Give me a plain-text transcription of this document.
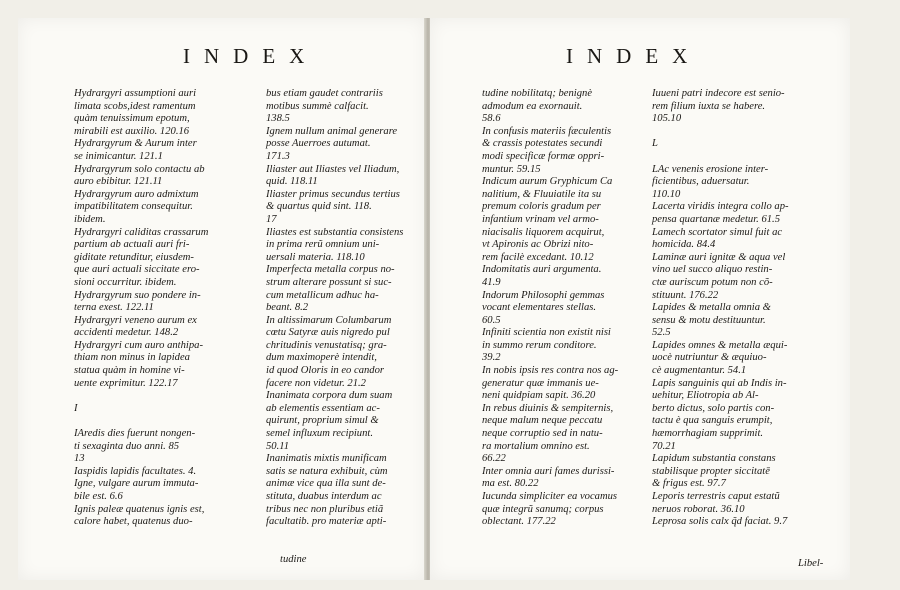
INDEX
Hydrargyri assumptioni auri
limata scobs,idest ramentum
quàm tenuissimum epotum,
mirabili est auxilio. 120.16
Hydrargyrum & Aurum inter
se inimicantur. 121.1
Hydrargyrum solo contactu ab
auro ebibitur. 121.11
Hydrargyrum auro admixtum
impatibilitatem consequitur.
ibidem.
Hydrargyri caliditas crassarum
partium ab actuali auri fri-
giditate retunditur, eiusdem-
que auri actuali siccitate ero-
sioni occurritur. ibidem.
Hydrargyrum suo pondere in-
terna exest. 122.11
Hydrargyri veneno aurum ex
accidenti medetur. 148.2
Hydrargyri cum auro anthipa-
thiam non minus in lapidea
statua quàm in homine vi-
uente exprimitur. 122.17

I

IAredis dies fuerunt nongen-
ti sexaginta duo anni. 85
13
Iaspidis lapidis facultates. 4.
Igne, vulgare aurum immuta-
bile est. 6.6
Ignis paleæ quatenus ignis est,
calore habet, quatenus duo-
bus etiam gaudet contrariis
motibus summè calfacit.
138.5
Ignem nullum animal generare
posse Auerroes autumat.
171.3
Iliaster aut Iliastes vel Iliadum,
quid. 118.11
Iliaster primus secundus tertius
& quartus quid sint. 118.
17
Iliastes est substantia consistens
in prima rerũ omnium uni-
uersali materia. 118.10
Imperfecta metalla corpus no-
strum alterare possunt si suc-
cum metallicum adhuc ha-
beant. 8.2
In altissimarum Columbarum
cœtu Satyræ auis nigredo pul
chritudinis venustatisq; gra-
dum maximoperè intendit,
id quod Oloris in eo candor
facere non videtur. 21.2
Inanimata corpora dum suam
ab elementis essentiam ac-
quirunt, proprium simul &
semel influxum recipiunt.
50.11
Inanimatis mixtis munificam
satis se natura exhibuit, cùm
animæ vice qua illa sunt de-
stituta, duabus interdum ac
tribus nec non pluribus etiã
facultatib. pro materiæ apti-
tudine
INDEX
tudine nobilitatq; benignè
admodum ea exornauit.
58.6
In confusis materiis fæculentis
& crassis potestates secundi
modi specificæ formæ oppri-
muntur. 59.15
Indicum aurum Gryphicum Ca
nalitium, & Fluuiatile ita su
premum coloris gradum per
infantium vrinam vel armo-
niacisalis liquorem acquirut,
vt Apironis ac Obrizi nito-
rem facilè excedant. 10.12
Indomitatis auri argumenta.
41.9
Indorum Philosophi gemmas
vocant elementares stellas.
60.5
Infiniti scientia non existit nisi
in summo rerum conditore.
39.2
In nobis ipsis res contra nos ag-
generatur quæ immanis ue-
neni quidpiam sapit. 36.20
In rebus diuinis & sempiternis,
neque malum neque peccatu
neque corruptio sed in natu-
ra mortalium omnino est.
66.22
Inter omnia auri fames durissi-
ma est. 80.22
Iucunda simpliciter ea vocamus
quæ integrũ sanumq; corpus
oblectant. 177.22
Iuueni patri indecore est senio-
rem filium iuxta se habere.
105.10

L

LAc venenis erosione inter-
ficientibus, aduersatur.
110.10
Lacerta viridis integra collo ap-
pensa quartanæ medetur. 61.5
Lamech scortator simul fuit ac
homicida. 84.4
Laminæ auri ignitæ & aqua vel
vino uel succo aliquo restin-
ctæ auriscum potum non cõ-
stituunt. 176.22
Lapides & metalla omnia &
sensu & motu destituuntur.
52.5
Lapides omnes & metalla æqui-
uocè nutriuntur & æquiuo-
cè augmentantur. 54.1
Lapis sanguinis qui ab Indis in-
uehitur, Eliotropia ab Al-
berto dictus, solo partis con-
tactu è qua sanguis erumpit,
hæmorrhagiam supprimit.
70.21
Lapidum substantia constans
stabilisque propter siccitatē
& frigus est. 97.7
Leporis terrestris caput estatũ
neruos roborat. 36.10
Leprosa solis calx q̃d faciat. 9.7
Libel-
